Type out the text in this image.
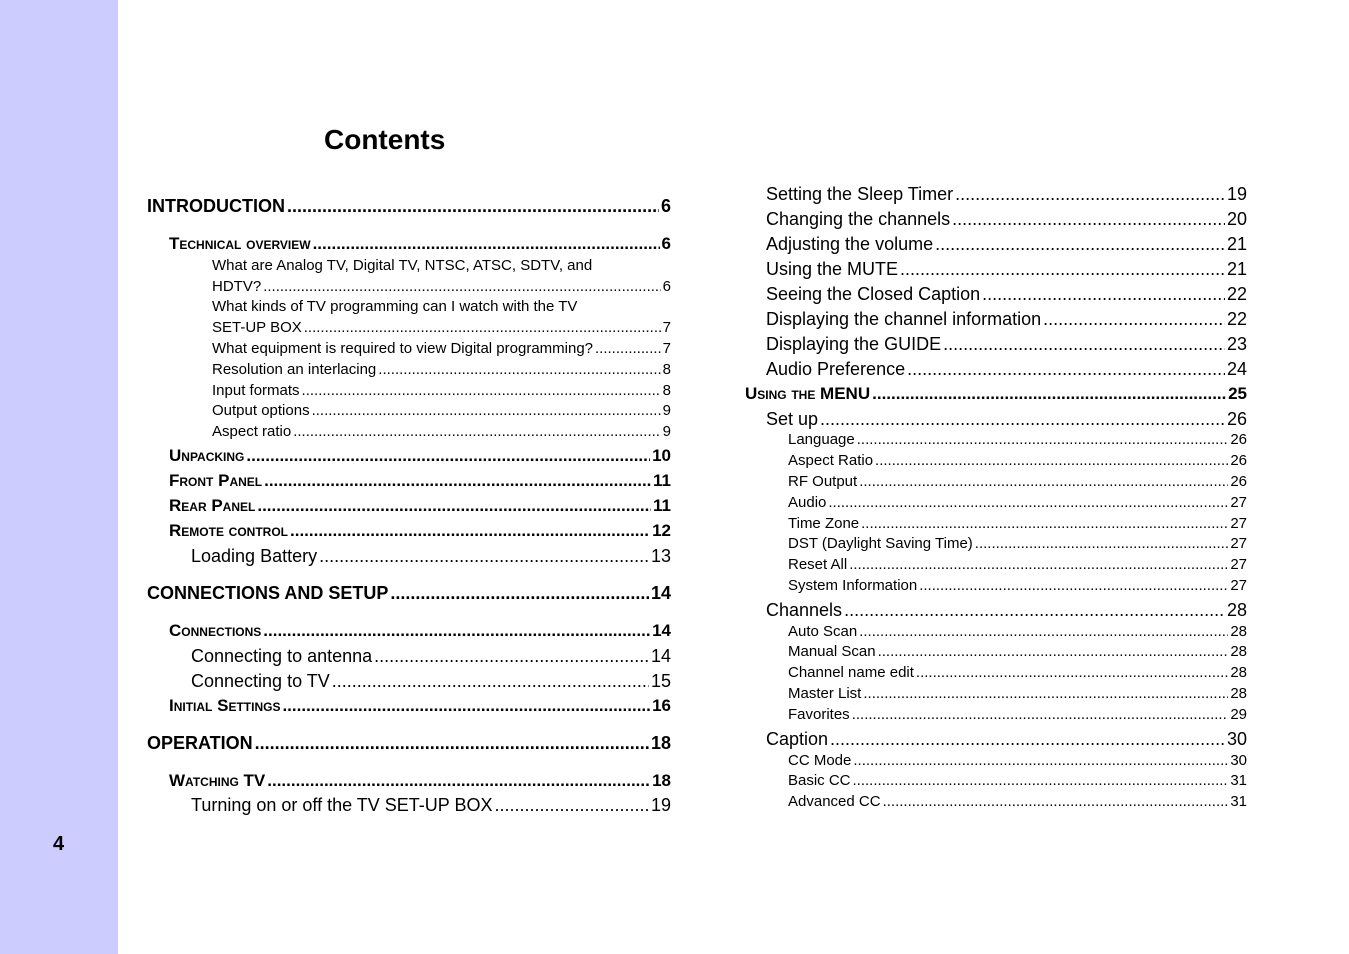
4
Contents
INTRODUCTION .....	6
Technical overview .....	6
What are Analog TV, Digital TV, NTSC, ATSC, SDTV, and
HDTV? .....	6
What kinds of TV programming can I watch with the TV
SET-UP BOX .....	7
What equipment is required to view Digital programming? .....	7
Resolution an interlacing .....	8
Input formats .....	8
Output options .....	9
Aspect ratio .....	9
Unpacking .....	10
Front Panel .....	11
Rear Panel .....	11
Remote control .....	12
Loading Battery .....	13
CONNECTIONS AND SETUP .....	14
Connections .....	14
Connecting to antenna .....	14
Connecting to TV .....	15
Initial Settings .....	16
OPERATION .....	18
Watching TV .....	18
Turning on or off the TV SET-UP BOX .....	19
Setting the Sleep Timer .....	19
Changing the channels .....	20
Adjusting the volume .....	21
Using the MUTE .....	21
Seeing the Closed Caption .....	22
Displaying the channel information .....	22
Displaying the GUIDE .....	23
Audio Preference .....	24
Using the MENU .....	25
Set up .....	26
Language .....	26
Aspect Ratio .....	26
RF Output .....	26
Audio .....	27
Time Zone .....	27
DST (Daylight Saving Time) .....	27
Reset All .....	27
System Information .....	27
Channels .....	28
Auto Scan .....	28
Manual Scan .....	28
Channel name edit .....	28
Master List .....	28
Favorites .....	29
Caption .....	30
CC Mode .....	30
Basic CC .....	31
Advanced CC .....	31
